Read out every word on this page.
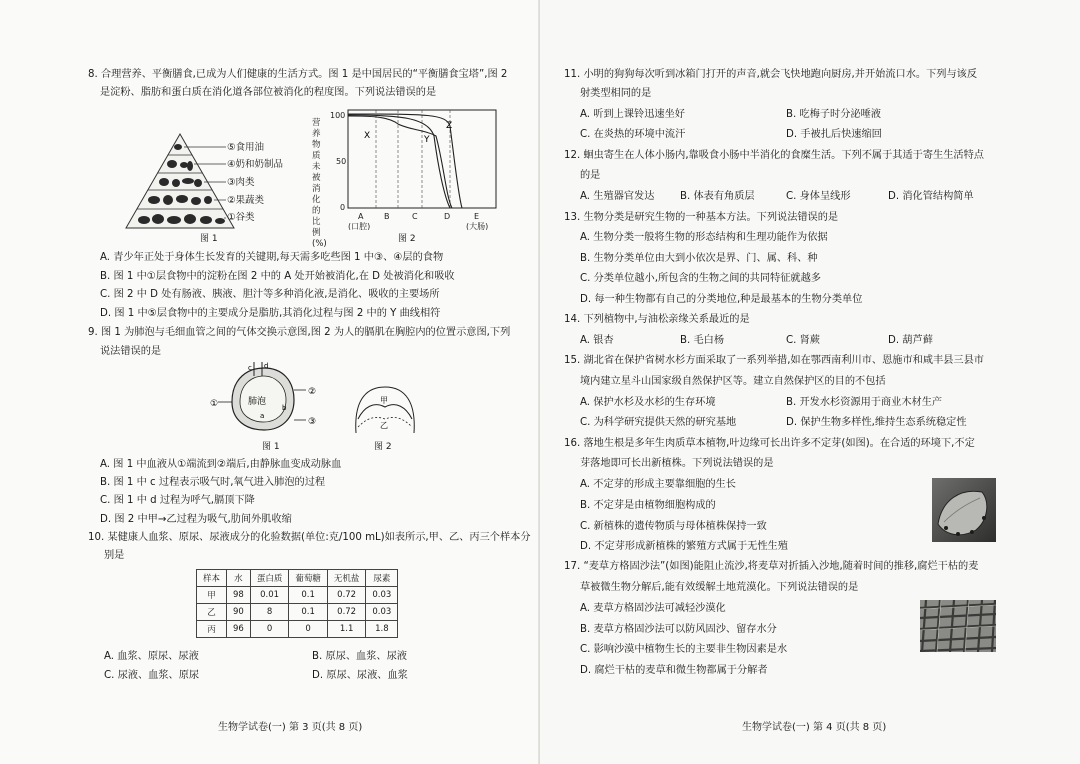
8. 合理营养、平衡膳食,已成为人们健康的生活方式。图 1 是中国居民的“平衡膳食宝塔”,图 2
是淀粉、脂肪和蛋白质在消化道各部位被消化的程度图。下列说法错误的是
⑤食用油
④奶和奶制品
③肉类
②果蔬类
①谷类
图 1
营养物质未被消化的比例(%)
100
50
0
X	Y
Z
A	B	C	D	E
(口腔)	(大肠)
图 2
A. 青少年正处于身体生长发育的关键期,每天需多吃些图 1 中③、④层的食物
B. 图 1 中①层食物中的淀粉在图 2 中的 A 处开始被消化,在 D 处被消化和吸收
C. 图 2 中 D 处有肠液、胰液、胆汁等多种消化液,是消化、吸收的主要场所
D. 图 1 中⑤层食物中的主要成分是脂肪,其消化过程与图 2 中的 Y 曲线相符
9. 图 1 为肺泡与毛细血管之间的气体交换示意图,图 2 为人的膈肌在胸腔内的位置示意图,下列
说法错误的是
肺泡
①
②
③
a
b
c d
图 1
甲
乙
图 2
A. 图 1 中血液从①端流到②端后,由静脉血变成动脉血
B. 图 1 中 c 过程表示吸气时,氧气进入肺泡的过程
C. 图 1 中 d 过程为呼气,膈顶下降
D. 图 2 中甲→乙过程为吸气,肋间外肌收缩
10. 某健康人血浆、原尿、尿液成分的化验数据(单位:克/100 mL)如表所示,甲、乙、丙三个样本分
别是
样本	水	蛋白质	葡萄糖	无机盐	尿素
甲	98	0.01	0.1	0.72	0.03
乙	90	8	0.1	0.72	0.03
丙	96	0	0	1.1	1.8
A. 血浆、原尿、尿液	B. 原尿、血浆、尿液
C. 尿液、血浆、原尿	D. 原尿、尿液、血浆
生物学试卷(一) 第 3 页(共 8 页)
11. 小明的狗狗每次听到冰箱门打开的声音,就会飞快地跑向厨房,并开始流口水。下列与该反
射类型相同的是
A. 听到上课铃迅速坐好	B. 吃梅子时分泌唾液
C. 在炎热的环境中流汗	D. 手被扎后快速缩回
12. 蛔虫寄生在人体小肠内,靠吸食小肠中半消化的食糜生活。下列不属于其适于寄生生活特点
的是
A. 生殖器官发达	B. 体表有角质层	C. 身体呈线形	D. 消化管结构简单
13. 生物分类是研究生物的一种基本方法。下列说法错误的是
A. 生物分类一般将生物的形态结构和生理功能作为依据
B. 生物分类单位由大到小依次是界、门、属、科、种
C. 分类单位越小,所包含的生物之间的共同特征就越多
D. 每一种生物都有自己的分类地位,种是最基本的生物分类单位
14. 下列植物中,与油松亲缘关系最近的是
A. 银杏	B. 毛白杨	C. 肾蕨	D. 葫芦藓
15. 湖北省在保护省树水杉方面采取了一系列举措,如在鄂西南利川市、恩施市和咸丰县三县市
境内建立星斗山国家级自然保护区等。建立自然保护区的目的不包括
A. 保护水杉及水杉的生存环境	B. 开发水杉资源用于商业木材生产
C. 为科学研究提供天然的研究基地	D. 保护生物多样性,维持生态系统稳定性
16. 落地生根是多年生肉质草本植物,叶边缘可长出许多不定芽(如图)。在合适的环境下,不定
芽落地即可长出新植株。下列说法错误的是
A. 不定芽的形成主要靠细胞的生长
B. 不定芽是由植物细胞构成的
C. 新植株的遗传物质与母体植株保持一致
D. 不定芽形成新植株的繁殖方式属于无性生殖
17. “麦草方格固沙法”(如图)能阻止流沙,将麦草对折插入沙地,随着时间的推移,腐烂干枯的麦
草被微生物分解后,能有效缓解土地荒漠化。下列说法错误的是
A. 麦草方格固沙法可减轻沙漠化
B. 麦草方格固沙法可以防风固沙、留存水分
C. 影响沙漠中植物生长的主要非生物因素是水
D. 腐烂干枯的麦草和微生物都属于分解者
生物学试卷(一) 第 4 页(共 8 页)
